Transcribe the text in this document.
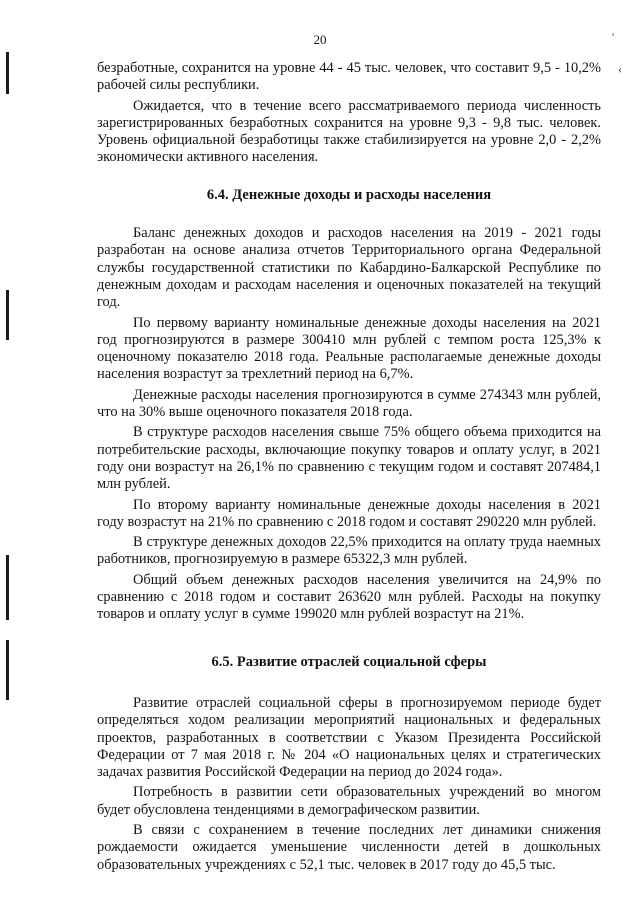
'
‹
20

безработные, сохранится на уровне 44 - 45 тыс. человек, что составит 9,5 - 10,2% рабочей силы республики.

Ожидается, что в течение всего рассматриваемого периода численность зарегистрированных безработных сохранится на уровне 9,3 - 9,8 тыс. человек. Уровень официальной безработицы также стабилизируется на уровне 2,0 - 2,2% экономически активного населения.

6.4. Денежные доходы и расходы населения

Баланс денежных доходов и расходов населения на 2019 - 2021 годы разработан на основе анализа отчетов Территориального органа Федеральной службы государственной статистики по Кабардино-Балкарской Республике по денежным доходам и расходам населения и оценочных показателей на текущий год.

По первому варианту номинальные денежные доходы населения на 2021 год прогнозируются в размере 300410 млн рублей с темпом роста 125,3% к оценочному показателю 2018 года. Реальные располагаемые денежные доходы населения возрастут за трехлетний период на 6,7%.

Денежные расходы населения прогнозируются в сумме 274343 млн рублей, что на 30% выше оценочного показателя 2018 года.

В структуре расходов населения свыше 75% общего объема приходится на потребительские расходы, включающие покупку товаров и оплату услуг, в 2021 году они возрастут на 26,1% по сравнению с текущим годом и составят 207484,1 млн рублей.

По второму варианту номинальные денежные доходы населения в 2021 году возрастут на 21% по сравнению с 2018 годом и составят 290220 млн рублей.

В структуре денежных доходов 22,5% приходится на оплату труда наемных работников, прогнозируемую в размере 65322,3 млн рублей.

Общий объем денежных расходов населения увеличится на 24,9% по сравнению с 2018 годом и составит 263620 млн рублей. Расходы на покупку товаров и оплату услуг в сумме 199020 млн рублей возрастут на 21%.

6.5. Развитие отраслей социальной сферы

Развитие отраслей социальной сферы в прогнозируемом периоде будет определяться ходом реализации мероприятий национальных и федеральных проектов, разработанных в соответствии с Указом Президента Российской Федерации от 7 мая 2018 г. № 204 «О национальных целях и стратегических задачах развития Российской Федерации на период до 2024 года».

Потребность в развитии сети образовательных учреждений во многом будет обусловлена тенденциями в демографическом развитии.

В связи с сохранением в течение последних лет динамики снижения рождаемости ожидается уменьшение численности детей в дошкольных образовательных учреждениях с 52,1 тыс. человек в 2017 году до 45,5 тыс.
